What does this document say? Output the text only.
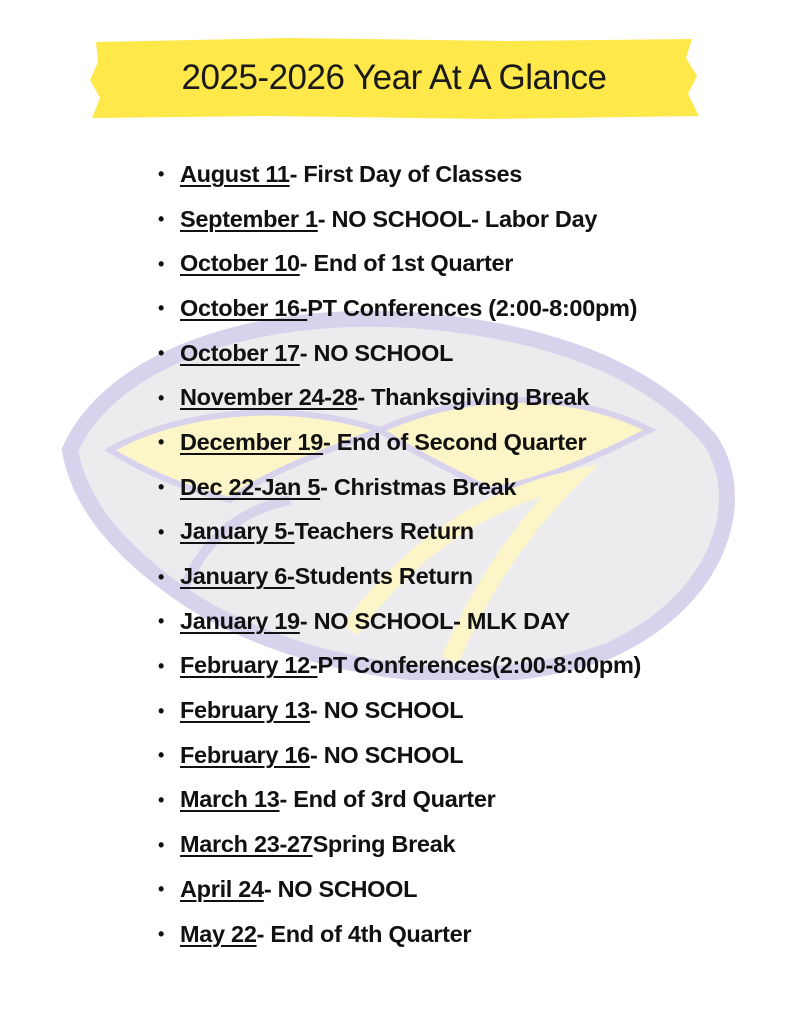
2025-2026 Year At A Glance
• August 11 - First Day of Classes
• September 1 - NO SCHOOL- Labor Day
• October 10 - End of 1st Quarter
• October 16- PT Conferences (2:00-8:00pm)
• October 17 - NO SCHOOL
• November 24-28 - Thanksgiving Break
• December 19 - End of Second Quarter
• Dec 22-Jan 5 - Christmas Break
• January 5- Teachers Return
• January 6- Students Return
• January 19 - NO SCHOOL- MLK DAY
• February 12- PT Conferences(2:00-8:00pm)
• February 13 - NO SCHOOL
• February 16 - NO SCHOOL
• March 13 - End of 3rd Quarter
• March 23-27 Spring Break
• April 24 - NO SCHOOL
• May 22 - End of 4th Quarter
